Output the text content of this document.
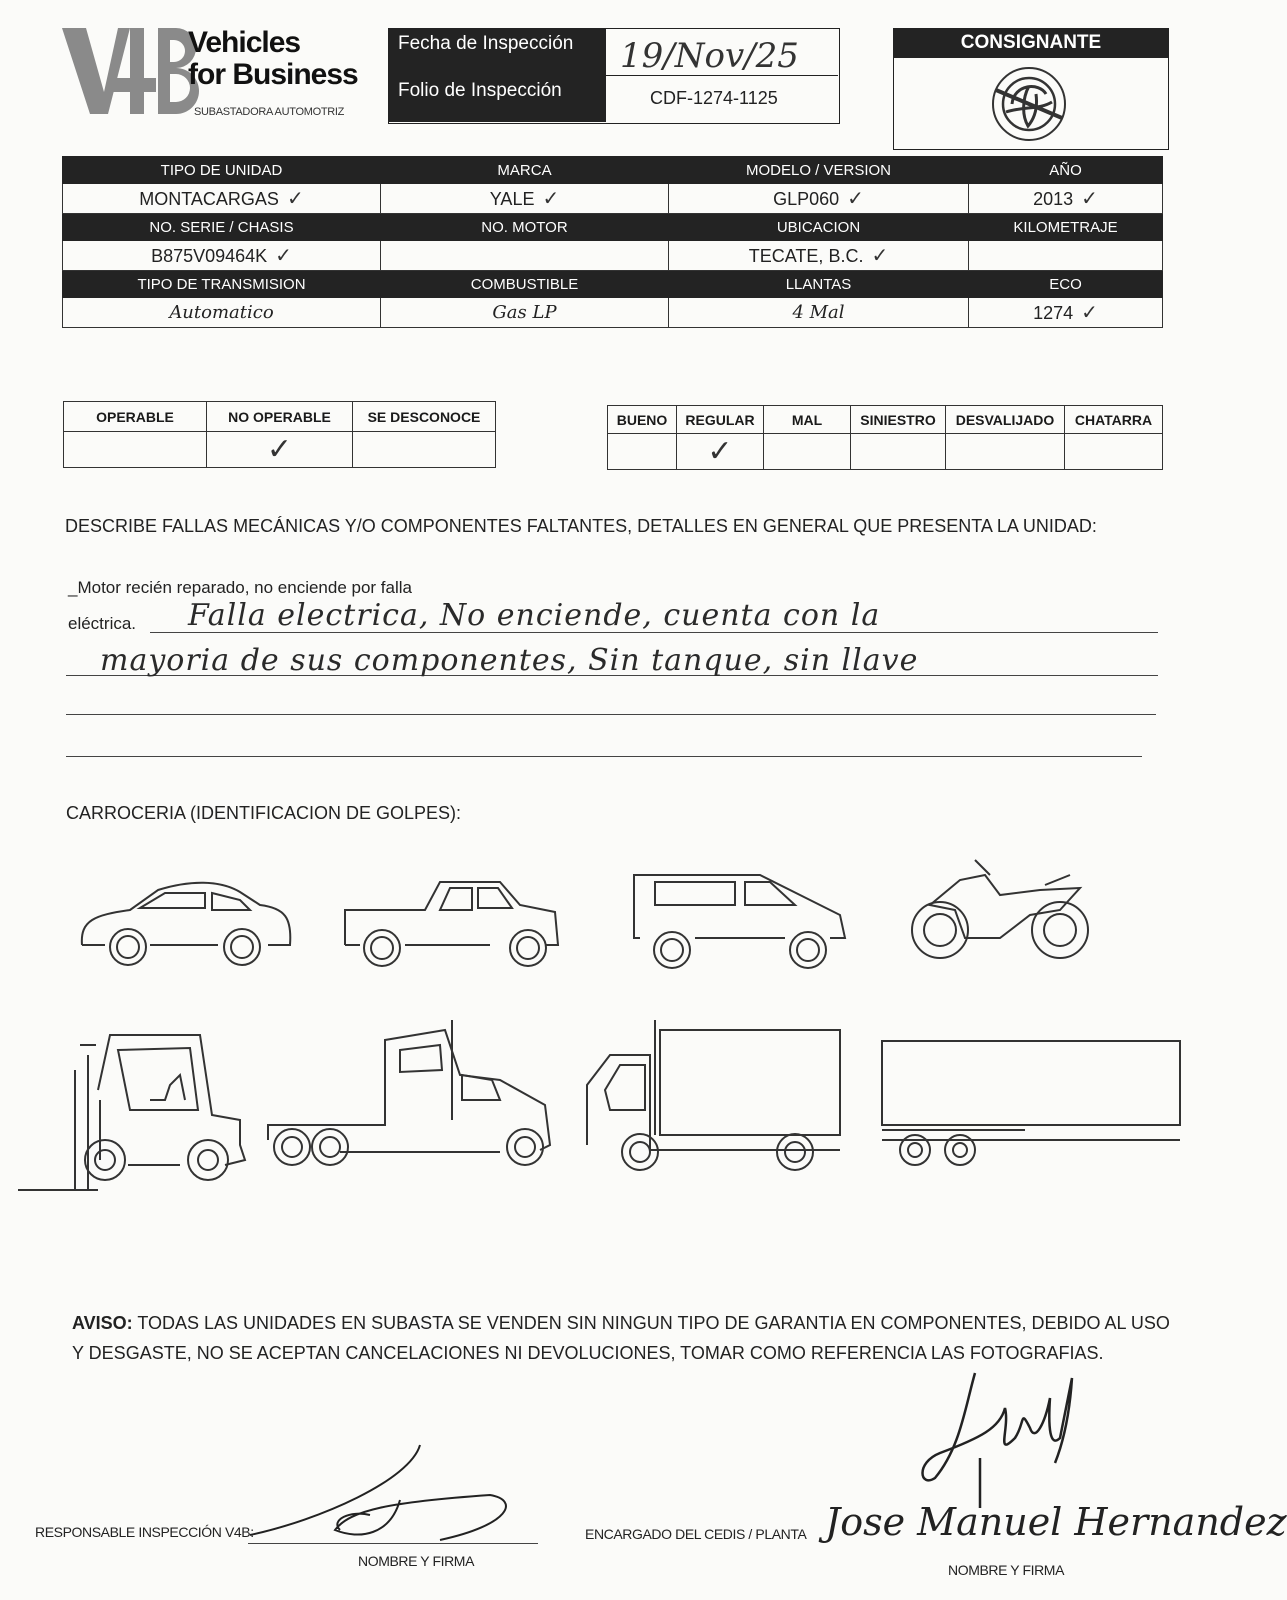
Vehicles
for Business
SUBASTADORA AUTOMOTRIZ
Fecha de Inspección
Folio de Inspección
19/Nov/25
CDF-1274-1125
CONSIGNANTE
TIPO DE UNIDAD	MARCA	MODELO / VERSION	AÑO
MONTACARGAS ✓	YALE ✓	GLP060 ✓	2013 ✓
NO. SERIE / CHASIS	NO. MOTOR	UBICACION	KILOMETRAJE
B875V09464K ✓		TECATE, B.C. ✓	
TIPO DE TRANSMISION	COMBUSTIBLE	LLANTAS	ECO
Automatico	Gas LP	4 Mal	1274 ✓
OPERABLE	NO OPERABLE	SE DESCONOCE
	✓	
BUENO	REGULAR	MAL	SINIESTRO	DESVALIJADO	CHATARRA
	✓				
DESCRIBE FALLAS MECÁNICAS Y/O COMPONENTES FALTANTES, DETALLES EN GENERAL QUE PRESENTA LA UNIDAD:
_Motor recién reparado, no enciende por falla
eléctrica.	Falla electrica, No enciende, cuenta con la
mayoria de sus componentes, Sin tanque, sin llave
CARROCERIA (IDENTIFICACION DE GOLPES):
AVISO: TODAS LAS UNIDADES EN SUBASTA SE VENDEN SIN NINGUN TIPO DE GARANTIA EN COMPONENTES, DEBIDO AL USO Y DESGASTE, NO SE ACEPTAN CANCELACIONES NI DEVOLUCIONES, TOMAR COMO REFERENCIA LAS FOTOGRAFIAS.
RESPONSABLE INSPECCIÓN V4B:
NOMBRE Y FIRMA
ENCARGADO DEL CEDIS / PLANTA
NOMBRE Y FIRMA
Jose Manuel Hernandez
